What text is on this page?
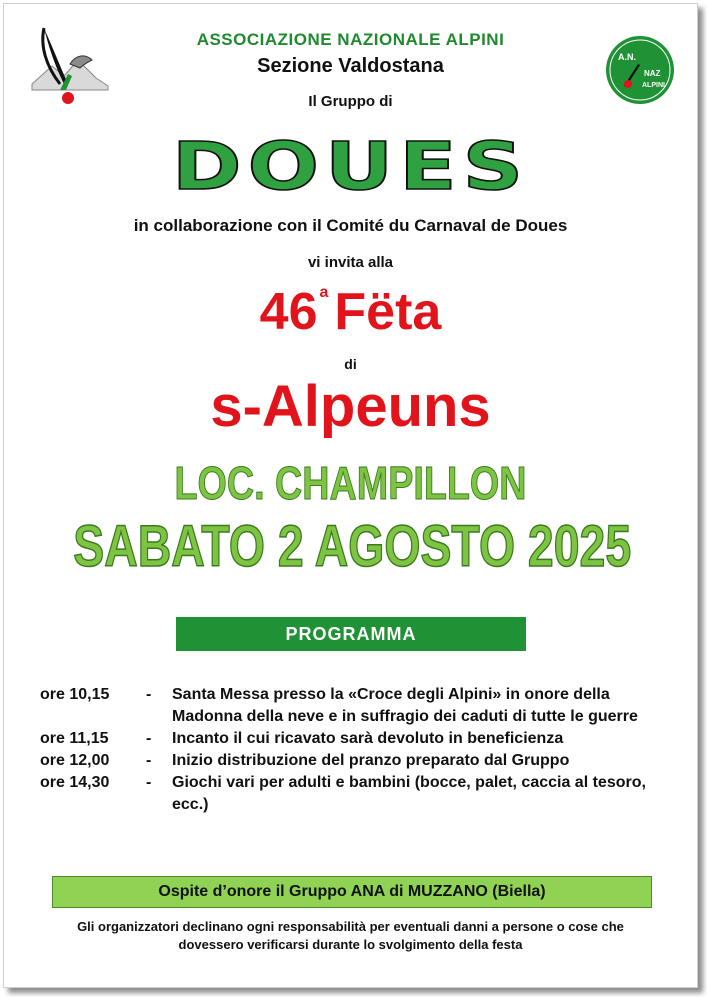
A.N.
NAZ
ALPINI
ASSOCIAZIONE NAZIONALE ALPINI
Sezione Valdostana
Il Gruppo di
DOUES
in collaborazione con il Comité du Carnaval de Doues
vi invita alla
46 $^a$ Fëta
di
s-Alpeuns
LOC. CHAMPILLON
SABATO 2 AGOSTO 2025
PROGRAMMA
ore 10,15	-	Santa Messa presso la «Croce degli Alpini» in onore della Madonna della neve e in suffragio dei caduti di tutte le guerre
ore 11,15	-	Incanto il cui ricavato sarà devoluto in beneficienza
ore 12,00	-	Inizio distribuzione del pranzo preparato dal Gruppo
ore 14,30	-	Giochi vari per adulti e bambini (bocce, palet, caccia al tesoro, ecc.)
Ospite d’onore il Gruppo ANA di MUZZANO (Biella)
Gli organizzatori declinano ogni responsabilità per eventuali danni a persone o cose che
dovessero verificarsi durante lo svolgimento della festa
